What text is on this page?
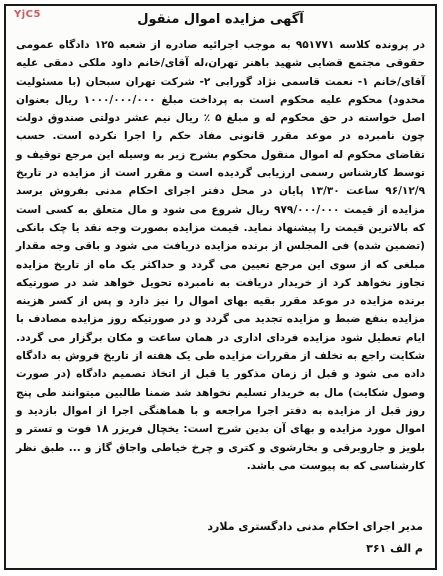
YjC5	آگهی مزایده اموال منقول
در پرونده کلاسه ۹۵۱۷۷۱ به موجب اجرائیه صادره از شعبه ۱۲۵ دادگاه عمومی حقوقی مجتمع قضایی شهید باهنر تهران،له آقای/خانم داود ملکی دمقی علیه آقای/خانم ۱- نعمت قاسمی نژاد گورابی ۲- شرکت تهران سبحان (با مسئولیت محدود) محکوم علیه محکوم است به پرداخت مبلغ ۱۰۰۰/۰۰۰/۰۰۰ ریال بعنوان اصل خواسته در حق محکوم له و مبلغ ۵ ٪ ریال نیم عشر دولتی صندوق دولت چون نامبرده در موعد مقرر قانونی مفاد حکم را اجرا نکرده است. حسب تقاضای محکوم له اموال منقول محکوم بشرح زیر به وسیله این مرجع توقیف و توسط کارشناس رسمی ارزیابی گردیده است و مقرر است از مزایده در تاریخ ۹۶/۱۲/۹ ساعت ۱۳/۳۰ پایان در محل دفتر اجرای احکام مدنی بفروش برسد مزایده از قیمت ۹۷۹/۰۰۰/۰۰۰ ریال شروع می شود و مال متعلق به کسی است که بالاترین قیمت را پیشنهاد نماید. قیمت مزایده بصورت وجه نقد یا چک بانکی (تضمین شده) فی المجلس از برنده مزایده دریافت می شود و باقی وجه مقدار مبلغی که از سوی این مرجع تعیین می گردد و حداکثر یک ماه از تاریخ مزایده تجاوز نخواهد کرد از خریدار دریافت به نامبرده تحویل خواهد شد در صورتیکه برنده مزایده در موعد مقرر بقیه بهای اموال را نیز دارد و پس از کسر هزینه مزایده بنفع ضبط و مزایده تجدید می گردد و در صورتیکه روز مزایده مصادف با ایام تعطیل شود مزایده فردای اداری در همان ساعت و مکان برگزار می گردد. شکایت راجع به تخلف از مقررات مزایده طی یک هفته از تاریخ فروش به دادگاه داده می شود و قبل از زمان مذکور یا قبل از اتخاذ تصمیم دادگاه (در صورت وصول شکایت) مال به خریدار تسلیم نخواهد شد ضمنا طالبین میتوانند طی پنج روز قبل از مزایده به دفتر اجرا مراجعه و با هماهنگی اجرا از اموال بازدید و اموال مورد مزایده و بهای آن بدین شرح است: یخچال فریزر ۱۸ فوت و تستر و بلویز و جاروبرقی و بخارشوی و کتری و چرخ خیاطی واجاق گاز و ... طبق نظر کارشناسی که به پیوست می باشد.
مدیر اجرای احکام مدنی دادگستری ملارد
م الف ۳۶۱
